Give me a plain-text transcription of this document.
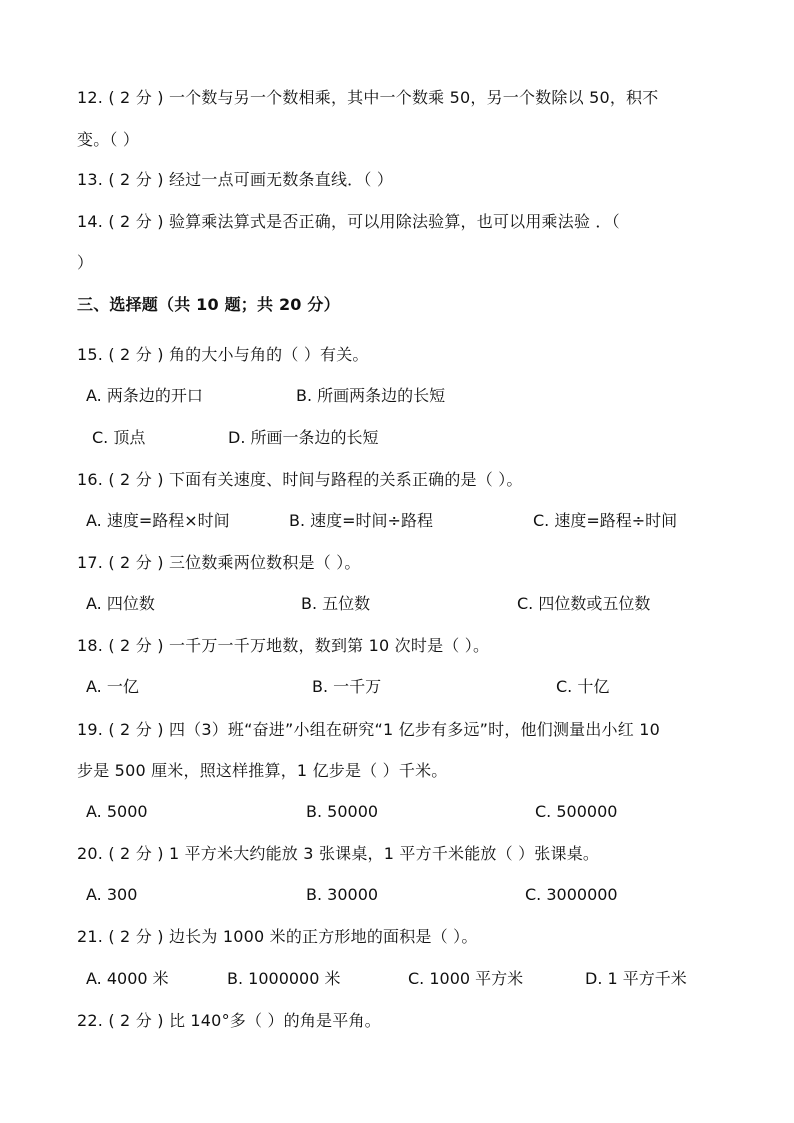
12. ( 2 分 ) 一个数与另一个数相乘，其中一个数乘 50，另一个数除以 50，积不
变。（ ）
13. ( 2 分 ) 经过一点可画无数条直线．（ ）
14. ( 2 分 ) 验算乘法算式是否正确，可以用除法验算，也可以用乘法验 ．（
）
三、选择题（共 10 题；共 20 分）
15. ( 2 分 ) 角的大小与角的（ ）有关。
A. 两条边的开口	B. 所画两条边的长短
C. 顶点	D. 所画一条边的长短
16. ( 2 分 ) 下面有关速度、时间与路程的关系正确的是（ ）。
A. 速度=路程×时间	B. 速度=时间÷路程	C. 速度=路程÷时间
17. ( 2 分 ) 三位数乘两位数积是（ ）。
A. 四位数	B. 五位数	C. 四位数或五位数
18. ( 2 分 ) 一千万一千万地数，数到第 10 次时是（ ）。
A. 一亿	B. 一千万	C. 十亿
19. ( 2 分 ) 四（3）班“奋进”小组在研究“1 亿步有多远”时，他们测量出小红 10
步是 500 厘米，照这样推算，1 亿步是（ ）千米。
A. 5000	B. 50000	C. 500000
20. ( 2 分 ) 1 平方米大约能放 3 张课桌，1 平方千米能放（ ）张课桌。
A. 300	B. 30000	C. 3000000
21. ( 2 分 ) 边长为 1000 米的正方形地的面积是（ ）。
A. 4000 米	B. 1000000 米	C. 1000 平方米	D. 1 平方千米
22. ( 2 分 ) 比 140°多（ ）的角是平角。
